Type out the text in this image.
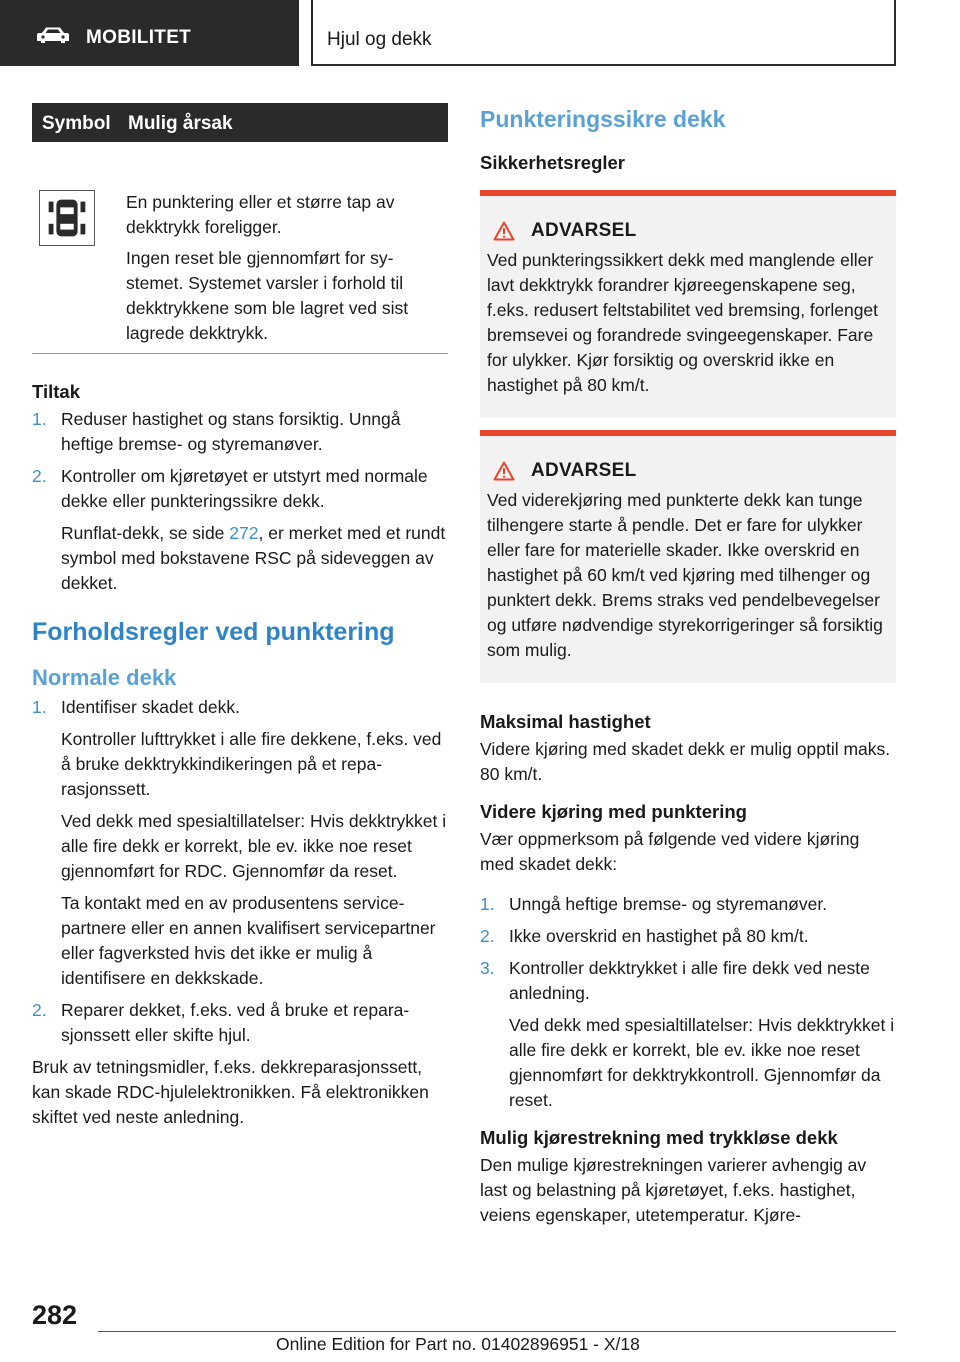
MOBILITET	Hjul og dekk
Symbol Mulig årsak

En punktering eller et større tap av dekktrykk foreligger.

Ingen reset ble gjennomført for systemet. Systemet varsler i forhold til dekktrykkene som ble lagret ved sist lagrede dekktrykk.

Tiltak
1. Reduser hastighet og stans forsiktig. Unngå heftige bremse- og styremanøver.

2. Kontroller om kjøretøyet er utstyrt med normale dekke eller punkteringssikre dekk.

Runflat-dekk, se side 272, er merket med et rundt symbol med bokstavene RSC på sideveggen av dekket.

Forholdsregler ved punktering
Normale dekk
1. Identifiser skadet dekk.

Kontroller lufttrykket i alle fire dekkene, f.eks. ved å bruke dekktrykkindikeringen på et reparasjonssett.

Ved dekk med spesialtillatelser: Hvis dekktrykket i alle fire dekk er korrekt, ble ev. ikke noe reset gjennomført for RDC. Gjennomfør da reset.

Ta kontakt med en av produsentens servicepartnere eller en annen kvalifisert servicepartner eller fagverksted hvis det ikke er mulig å identifisere en dekkskade.

2. Reparer dekket, f.eks. ved å bruke et reparasjonssett eller skifte hjul.

Bruk av tetningsmidler, f.eks. dekkreparasjonssett, kan skade RDC-hjulelektronikken. Få elektronikken skiftet ved neste anledning.

Punkteringssikre dekk
Sikkerhetsregler
ADVARSEL

Ved punkteringssikkert dekk med manglende eller lavt dekktrykk forandrer kjøreegenskapene seg, f.eks. redusert feltstabilitet ved bremsing, forlenget bremsevei og forandrede svingeegenskaper. Fare for ulykker. Kjør forsiktig og overskrid ikke en hastighet på 80 km/t.

ADVARSEL

Ved viderekjøring med punkterte dekk kan tunge tilhengere starte å pendle. Det er fare for ulykker eller fare for materielle skader. Ikke overskrid en hastighet på 60 km/t ved kjøring med tilhenger og punktert dekk. Brems straks ved pendelbevegelser og utføre nødvendige styrekorrigeringer så forsiktig som mulig.

Maksimal hastighet

Videre kjøring med skadet dekk er mulig opptil maks. 80 km/t.

Videre kjøring med punktering

Vær oppmerksom på følgende ved videre kjøring med skadet dekk:

1. Unngå heftige bremse- og styremanøver.

2. Ikke overskrid en hastighet på 80 km/t.

3. Kontroller dekktrykket i alle fire dekk ved neste anledning.

Ved dekk med spesialtillatelser: Hvis dekktrykket i alle fire dekk er korrekt, ble ev. ikke noe reset gjennomført for dekktrykkontroll. Gjennomfør da reset.

Mulig kjørestrekning med trykkløse dekk

Den mulige kjørestrekningen varierer avhengig av last og belastning på kjøretøyet, f.eks. hastighet, veiens egenskaper, utetemperatur. Kjøre-

282
Online Edition for Part no. 01402896951 - X/18
